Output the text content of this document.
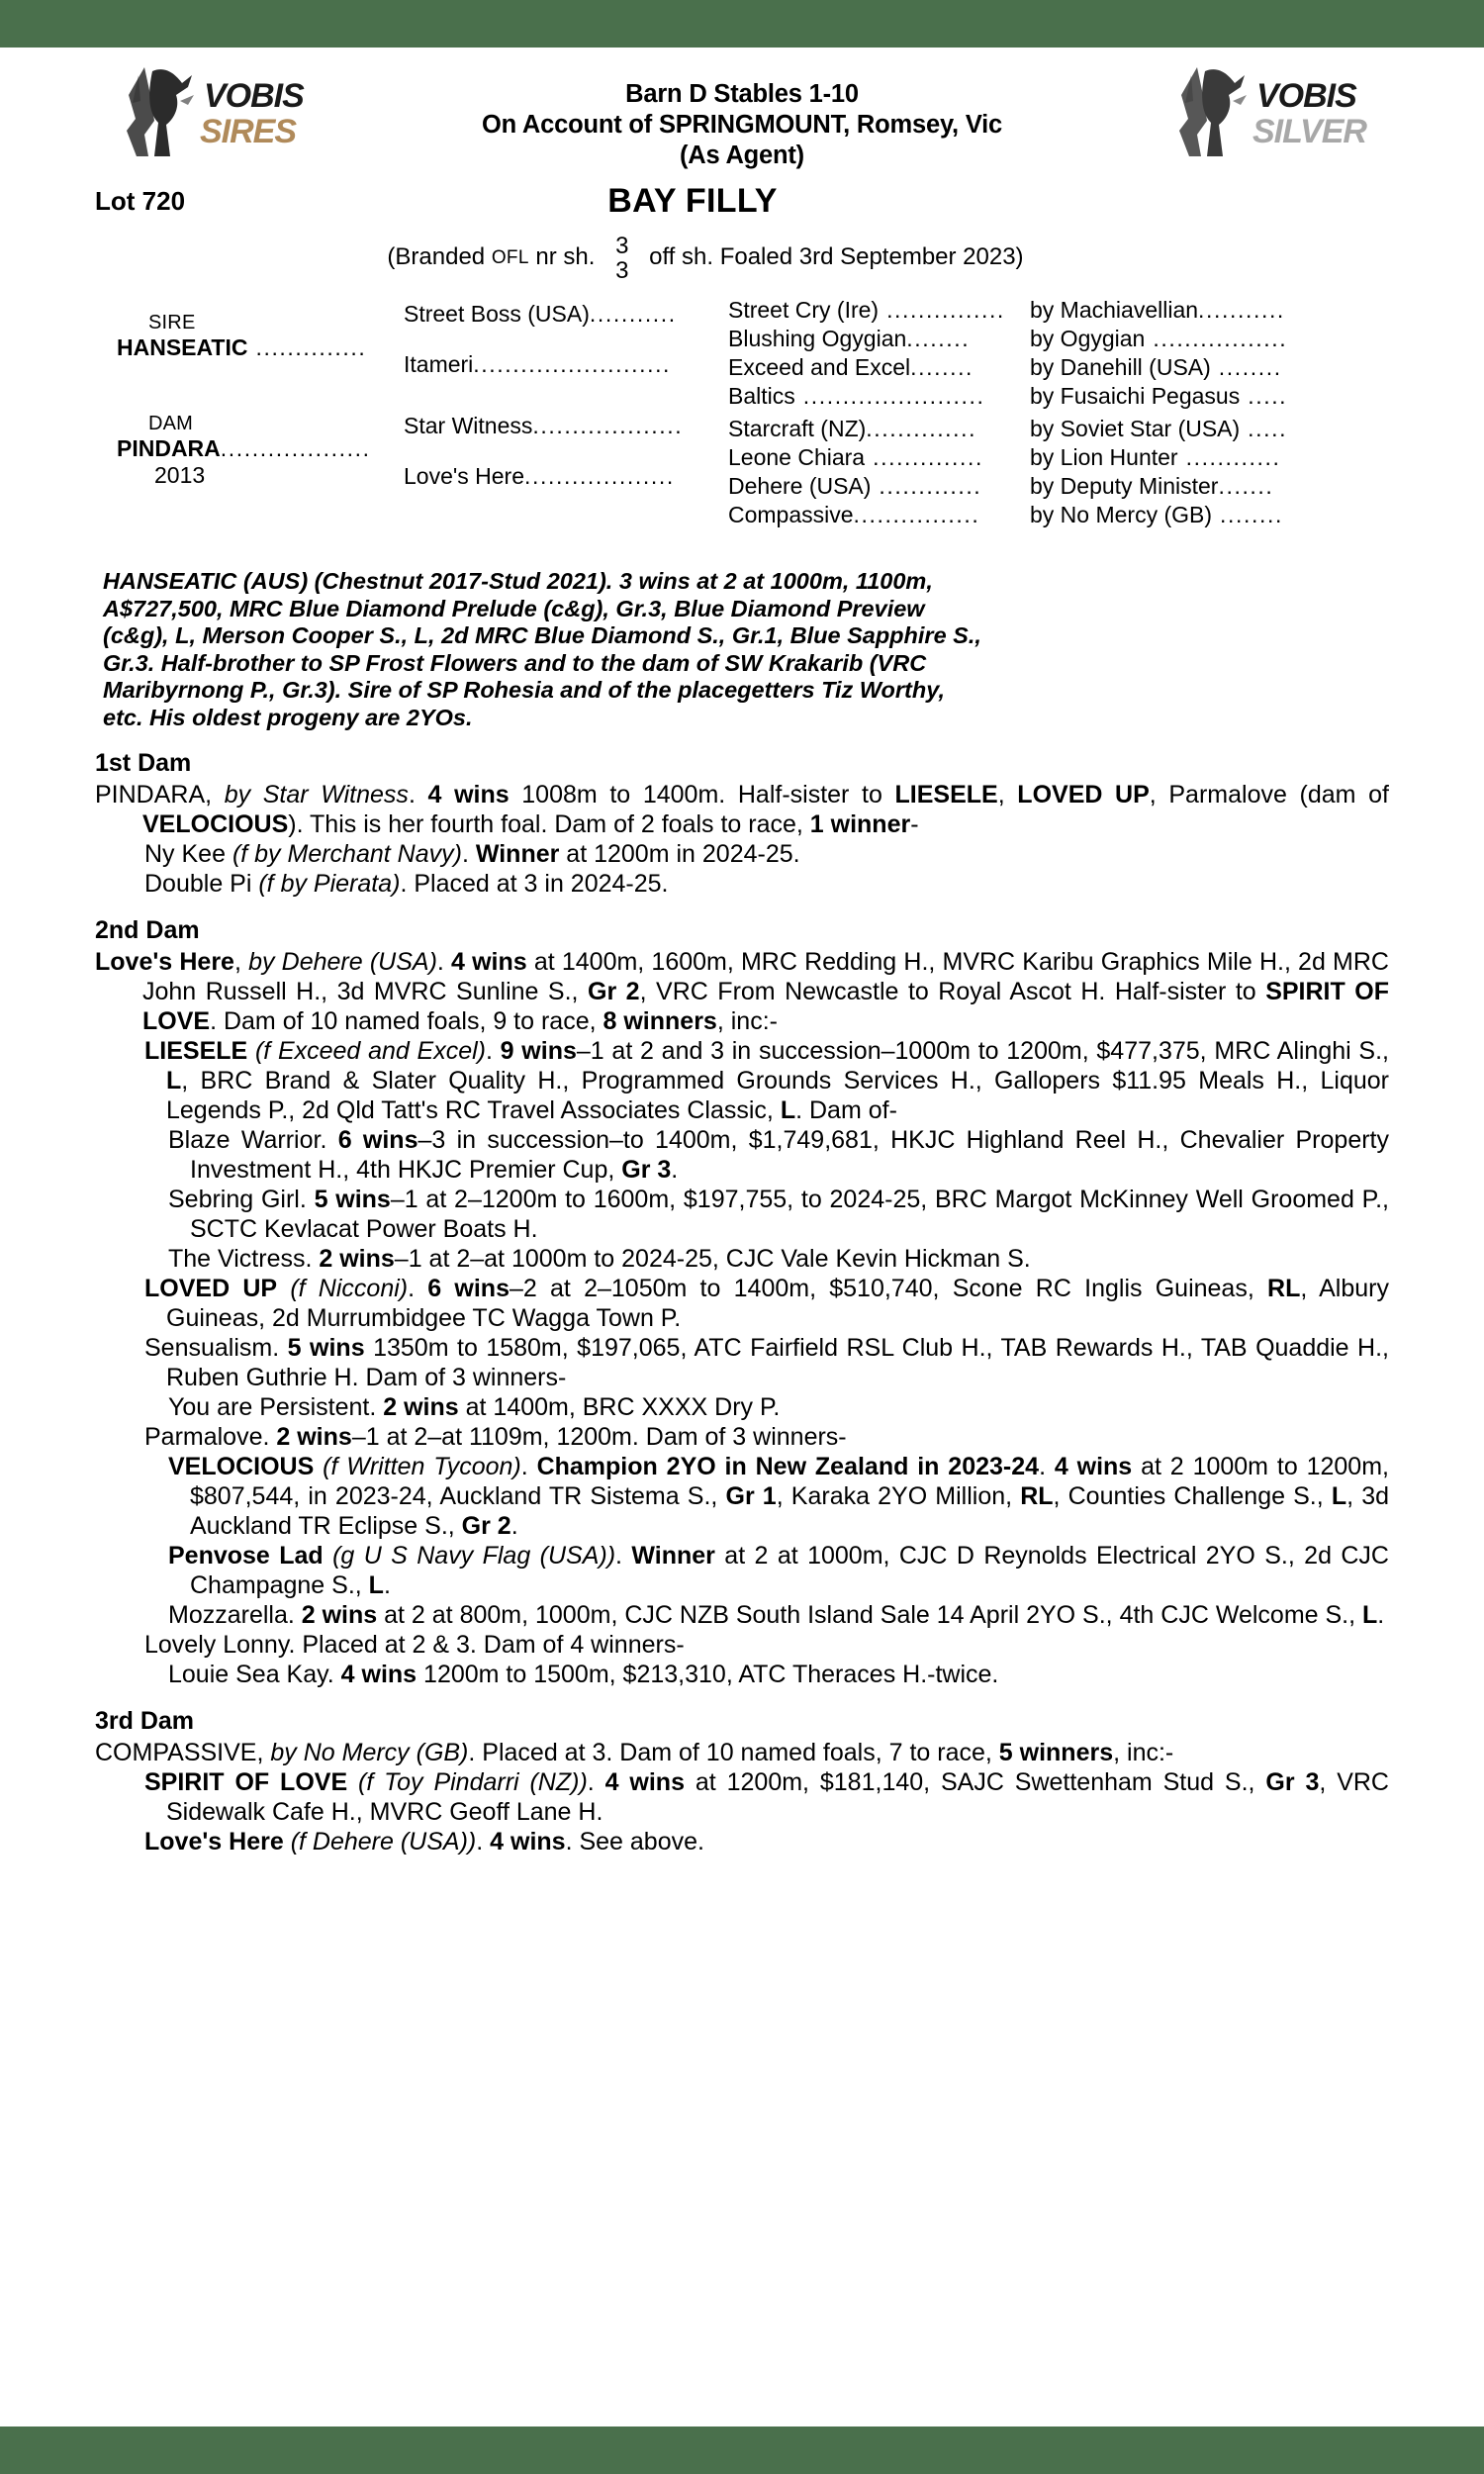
VOBIS
SIRES
Barn D Stables 1-10
On Account of SPRINGMOUNT, Romsey, Vic
(As Agent)
VOBIS
SILVER
Lot 720	BAY FILLY
(Branded OFL nr sh. 3
3
off sh. Foaled 3rd September 2023)
SIRE
HANSEATIC ..............
DAM
PINDARA...................
2013
Street Boss (USA)...........
Itameri.........................
Star Witness...................
Love's Here...................
Street Cry (Ire) ...............
Blushing Ogygian........
Exceed and Excel........
Baltics .......................
Starcraft (NZ)..............
Leone Chiara ..............
Dehere (USA) .............
Compassive................
by Machiavellian...........
by Ogygian .................
by Danehill (USA) ........
by Fusaichi Pegasus .....
by Soviet Star (USA) .....
by Lion Hunter ............
by Deputy Minister.......
by No Mercy (GB) ........
HANSEATIC (AUS) (Chestnut 2017-Stud 2021). 3 wins at 2 at 1000m, 1100m,
A$727,500, MRC Blue Diamond Prelude (c&g), Gr.3, Blue Diamond Preview
(c&g), L, Merson Cooper S., L, 2d MRC Blue Diamond S., Gr.1, Blue Sapphire S.,
Gr.3. Half-brother to SP Frost Flowers and to the dam of SW Krakarib (VRC
Maribyrnong P., Gr.3). Sire of SP Rohesia and of the placegetters Tiz Worthy,
etc. His oldest progeny are 2YOs.
1st Dam
PINDARA, by Star Witness. 4 wins 1008m to 1400m. Half-sister to LIESELE, LOVED UP, Parmalove (dam of VELOCIOUS). This is her fourth foal. Dam of 2 foals to race, 1 winner-
Ny Kee (f by Merchant Navy). Winner at 1200m in 2024-25.
Double Pi (f by Pierata). Placed at 3 in 2024-25.
2nd Dam
Love's Here, by Dehere (USA). 4 wins at 1400m, 1600m, MRC Redding H., MVRC Karibu Graphics Mile H., 2d MRC John Russell H., 3d MVRC Sunline S., Gr 2, VRC From Newcastle to Royal Ascot H. Half-sister to SPIRIT OF LOVE. Dam of 10 named foals, 9 to race, 8 winners, inc:-
LIESELE (f Exceed and Excel). 9 wins–1 at 2 and 3 in succession–1000m to 1200m, $477,375, MRC Alinghi S., L, BRC Brand & Slater Quality H., Programmed Grounds Services H., Gallopers $11.95 Meals H., Liquor Legends P., 2d Qld Tatt's RC Travel Associates Classic, L. Dam of-
Blaze Warrior. 6 wins–3 in succession–to 1400m, $1,749,681, HKJC Highland Reel H., Chevalier Property Investment H., 4th HKJC Premier Cup, Gr 3.
Sebring Girl. 5 wins–1 at 2–1200m to 1600m, $197,755, to 2024-25, BRC Margot McKinney Well Groomed P., SCTC Kevlacat Power Boats H.
The Victress. 2 wins–1 at 2–at 1000m to 2024-25, CJC Vale Kevin Hickman S.
LOVED UP (f Nicconi). 6 wins–2 at 2–1050m to 1400m, $510,740, Scone RC Inglis Guineas, RL, Albury Guineas, 2d Murrumbidgee TC Wagga Town P.
Sensualism. 5 wins 1350m to 1580m, $197,065, ATC Fairfield RSL Club H., TAB Rewards H., TAB Quaddie H., Ruben Guthrie H. Dam of 3 winners-
You are Persistent. 2 wins at 1400m, BRC XXXX Dry P.
Parmalove. 2 wins–1 at 2–at 1109m, 1200m. Dam of 3 winners-
VELOCIOUS (f Written Tycoon). Champion 2YO in New Zealand in 2023-24. 4 wins at 2 1000m to 1200m, $807,544, in 2023-24, Auckland TR Sistema S., Gr 1, Karaka 2YO Million, RL, Counties Challenge S., L, 3d Auckland TR Eclipse S., Gr 2.
Penvose Lad (g U S Navy Flag (USA)). Winner at 2 at 1000m, CJC D Reynolds Electrical 2YO S., 2d CJC Champagne S., L.
Mozzarella. 2 wins at 2 at 800m, 1000m, CJC NZB South Island Sale 14 April 2YO S., 4th CJC Welcome S., L.
Lovely Lonny. Placed at 2 & 3. Dam of 4 winners-
Louie Sea Kay. 4 wins 1200m to 1500m, $213,310, ATC Theraces H.-twice.
3rd Dam
COMPASSIVE, by No Mercy (GB). Placed at 3. Dam of 10 named foals, 7 to race, 5 winners, inc:-
SPIRIT OF LOVE (f Toy Pindarri (NZ)). 4 wins at 1200m, $181,140, SAJC Swettenham Stud S., Gr 3, VRC Sidewalk Cafe H., MVRC Geoff Lane H.
Love's Here (f Dehere (USA)). 4 wins. See above.
